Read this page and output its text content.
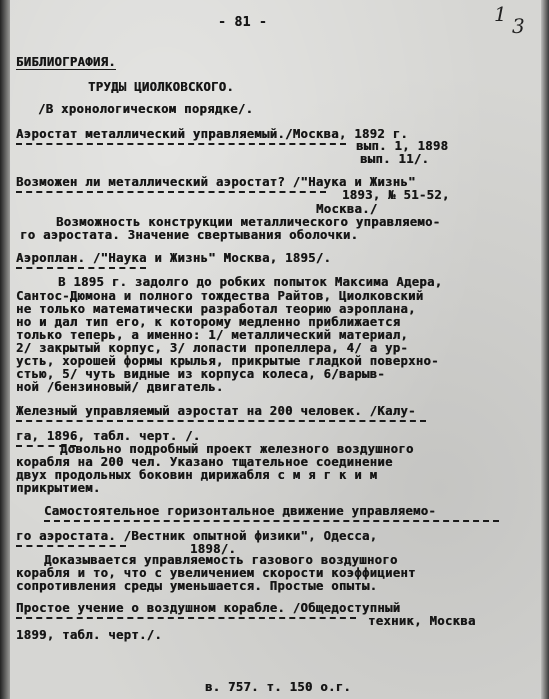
- 81 -	1 3
БИБЛИОГРАФИЯ.
ТРУДЫ ЦИОЛКОВСКОГО.
/В хронологическом порядке/.
Аэростат металлический управляемый./Москва, 1892 г.
вып. 1, 1898
вып. 11/.
Возможен ли металлический аэростат? /"Наука и Жизнь"
1893, № 51-52,
Москва./
Возможность конструкции металлического управляемо-
го аэростата. Значение свертывания оболочки.
Аэроплан. /"Наука и Жизнь" Москва, 1895/.
В 1895 г. задолго до робких попыток Максима Адера,
Сантос-Дюмона и полного тождества Райтов, Циолковский
не только математически разработал теорию аэроплана,
но и дал тип его, к которому медленно приближается
только теперь, а именно: 1/ металлический материал,
2/ закрытый корпус, 3/ лопасти пропеллера, 4/ а ур-
усть, хорошей формы крылья, прикрытые гладкой поверхно-
стью, 5/ чуть видные из корпуса колеса, 6/варыв-
ной /бензиновый/ двигатель.
Железный управляемый аэростат на 200 человек. /Калу-
га, 1896, табл. черт. /.
Довольно подробный проект железного воздушного
корабля на 200 чел. Указано тщательное соединение
двух продольных боковин дирижабля с м я г к и м
прикрытием.
Самостоятельное горизонтальное движение управляемо-
го аэростата. /Вестник опытной физики", Одесса,
1898/.
Доказывается управляемость газового воздушного
корабля и то, что с увеличением скорости коэффициент
сопротивления среды уменьшается. Простые опыты.
Простое учение о воздушном корабле. /Общедоступный
техник, Москва
1899, табл. черт./.
в. 757. т. 150 о.г.
